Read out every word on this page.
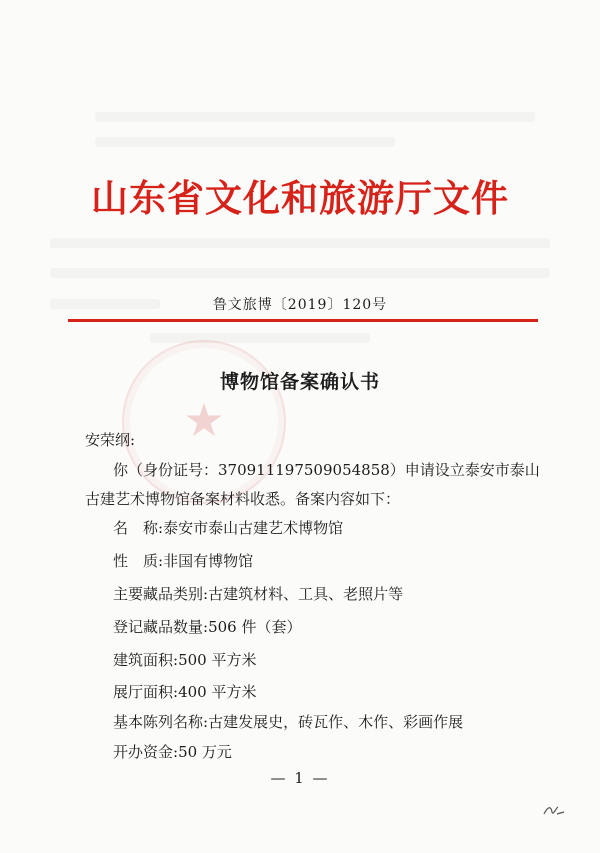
★
山东省文化和旅游厅文件
鲁文旅博〔2019〕120号
博物馆备案确认书
安荣纲:
你（身份证号：370911197509054858）申请设立泰安市泰山
古建艺术博物馆备案材料收悉。备案内容如下：
名　称:泰安市泰山古建艺术博物馆
性　质:非国有博物馆
主要藏品类别:古建筑材料、工具、老照片等
登记藏品数量:506 件（套）
建筑面积:500 平方米
展厅面积:400 平方米
基本陈列名称:古建发展史，砖瓦作、木作、彩画作展
开办资金:50 万元
— 1 —
